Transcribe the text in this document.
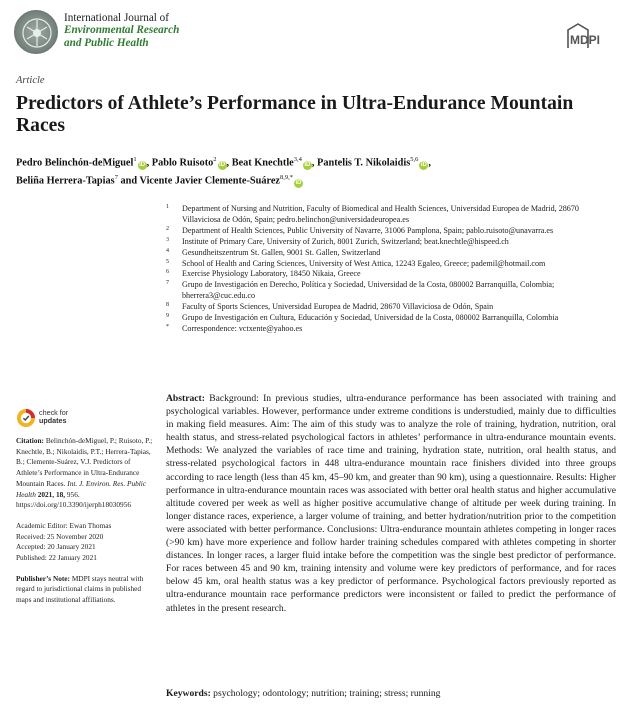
International Journal of
Environmental Research
and Public Health	MDPI
Article
Predictors of Athlete’s Performance in Ultra-Endurance Mountain Races
Pedro Belinchón-deMiguel$^1$iD , Pablo Ruisoto$^2$iD , Beat Knechtle$^{3,4}$iD , Pantelis T. Nikolaidis$^{5,6}$iD ,
Beliña Herrera-Tapias$^7$ and Vicente Javier Clemente-Suárez$^{8,9,*}$iD
1 Department of Nursing and Nutrition, Faculty of Biomedical and Health Sciences, Universidad Europea de Madrid, 28670 Villaviciosa de Odón, Spain; pedro.belinchon@universidadeuropea.es
2 Department of Health Sciences, Public University of Navarre, 31006 Pamplona, Spain; pablo.ruisoto@unavarra.es
3 Institute of Primary Care, University of Zurich, 8001 Zurich, Switzerland; beat.knechtle@hispeed.ch
4 Gesundheitszentrum St. Gallen, 9001 St. Gallen, Switzerland
5 School of Health and Caring Sciences, University of West Attica, 12243 Egaleo, Greece; pademil@hotmail.com
6 Exercise Physiology Laboratory, 18450 Nikaia, Greece
7 Grupo de Investigación en Derecho, Política y Sociedad, Universidad de la Costa, 080002 Barranquilla, Colombia; bherrera3@cuc.edu.co
8 Faculty of Sports Sciences, Universidad Europea de Madrid, 28670 Villaviciosa de Odón, Spain
9 Grupo de Investigación en Cultura, Educación y Sociedad, Universidad de la Costa, 080002 Barranquilla, Colombia
* Correspondence: vctxente@yahoo.es
check for
updates
Citation: Belinchón-deMiguel, P.; Ruisoto, P.; Knechtle, B.; Nikolaidis, P.T.; Herrera-Tapias, B.; Clemente-Suárez, V.J. Predictors of Athlete’s Performance in Ultra-Endurance Mountain Races. Int. J. Environ. Res. Public Health 2021, 18, 956. https://doi.org/10.3390/ijerph18030956
Academic Editor: Ewan Thomas
Received: 25 November 2020
Accepted: 20 January 2021
Published: 22 January 2021
Publisher’s Note: MDPI stays neutral with regard to jurisdictional claims in published maps and institutional affiliations.
Abstract: Background: In previous studies, ultra-endurance performance has been associated with training and psychological variables. However, performance under extreme conditions is understudied, mainly due to difficulties in making field measures. Aim: The aim of this study was to analyze the role of training, hydration, nutrition, oral health status, and stress-related psychological factors in athletes’ performance in ultra-endurance mountain events. Methods: We analyzed the variables of race time and training, hydration state, nutrition, oral health status, and stress-related psychological factors in 448 ultra-endurance mountain race finishers divided into three groups according to race length (less than 45 km, 45–90 km, and greater than 90 km), using a questionnaire. Results: Higher performance in ultra-endurance mountain races was associated with better oral health status and higher accumulative altitude covered per week as well as higher positive accumulative change of altitude per week during training. In longer distance races, experience, a larger volume of training, and better hydration/nutrition prior to the competition were associated with better performance. Conclusions: Ultra-endurance mountain athletes competing in longer races (>90 km) have more experience and follow harder training schedules compared with athletes competing in shorter distances. In longer races, a larger fluid intake before the competition was the single best predictor of performance. For races between 45 and 90 km, training intensity and volume were key predictors of performance, and for races below 45 km, oral health status was a key predictor of performance. Psychological factors previously reported as ultra-endurance mountain race performance predictors were inconsistent or failed to predict the performance of athletes in the present research.
Keywords: psychology; odontology; nutrition; training; stress; running
